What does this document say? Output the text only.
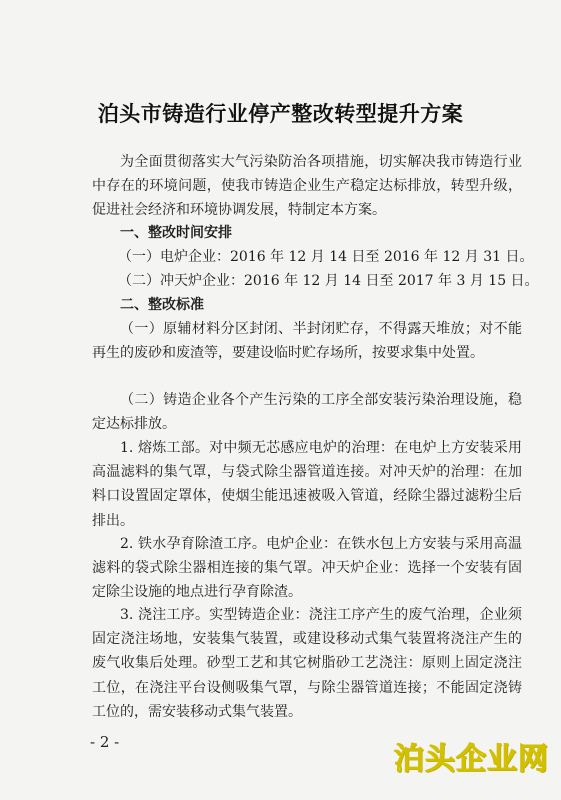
泊头市铸造行业停产整改转型提升方案
为全面贯彻落实大气污染防治各项措施，切实解决我市铸造行业中存在的环境问题，使我市铸造企业生产稳定达标排放，转型升级，促进社会经济和环境协调发展，特制定本方案。
一、整改时间安排
（一）电炉企业：2016 年 12 月 14 日至 2016 年 12 月 31 日。
（二）冲天炉企业：2016 年 12 月 14 日至 2017 年 3 月 15 日。
二、整改标准
（一）原辅材料分区封闭、半封闭贮存，不得露天堆放；对不能再生的废砂和废渣等，要建设临时贮存场所，按要求集中处置。
（二）铸造企业各个产生污染的工序全部安装污染治理设施，稳定达标排放。
1. 熔炼工部。对中频无芯感应电炉的治理：在电炉上方安装采用高温滤料的集气罩，与袋式除尘器管道连接。对冲天炉的治理：在加料口设置固定罩体，使烟尘能迅速被吸入管道，经除尘器过滤粉尘后排出。
2. 铁水孕育除渣工序。电炉企业：在铁水包上方安装与采用高温滤料的袋式除尘器相连接的集气罩。冲天炉企业：选择一个安装有固定除尘设施的地点进行孕育除渣。
3. 浇注工序。实型铸造企业：浇注工序产生的废气治理，企业须固定浇注场地，安装集气装置，或建设移动式集气装置将浇注产生的废气收集后处理。砂型工艺和其它树脂砂工艺浇注：原则上固定浇注工位，在浇注平台设侧吸集气罩，与除尘器管道连接；不能固定浇铸工位的，需安装移动式集气装置。
- 2 -	泊头企业网
